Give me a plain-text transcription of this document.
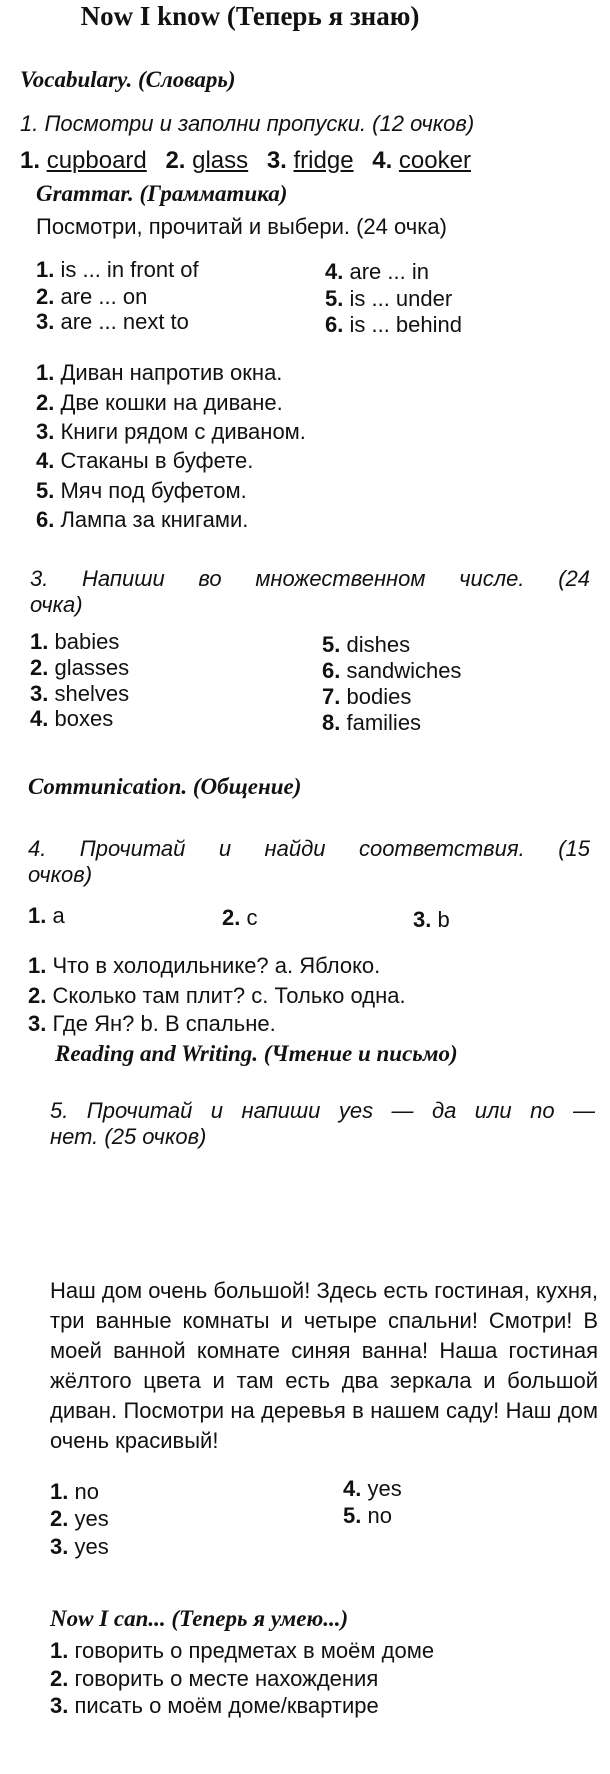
Now I know (Теперь я знаю)
Vocabulary. (Словарь)
1. Посмотри и заполни пропуски. (12 очков)
1. cupboard 2. glass 3. fridge 4. cooker
Grammar. (Грамматика)
Посмотри, прочитай и выбери. (24 очка)
1. is ... in front of
2. are ... on
3. are ... next to
4. are ... in
5. is ... under
6. is ... behind
1. Диван напротив окна.
2. Две кошки на диване.
3. Книги рядом с диваном.
4. Стаканы в буфете.
5. Мяч под буфетом.
6. Лампа за книгами.
3. Напиши во множественном числе. (24
очка)
1. babies
2. glasses
3. shelves
4. boxes
5. dishes
6. sandwiches
7. bodies
8. families
Communication. (Общение)
4. Прочитай и найди соответствия. (15
очков)
1. a	2. c	3. b
1. Что в холодильнике? а. Яблоко.
2. Сколько там плит? с. Только одна.
3. Где Ян? b. В спальне.
Reading and Writing. (Чтение и письмо)
5. Прочитай и напиши yes — да или no —
нет. (25 очков)
Наш дом очень большой! Здесь есть гостиная, кухня, три ванные комнаты и четыре спальни! Смотри! В моей ванной комнате синяя ванна! Наша гостиная жёлтого цвета и там есть два зеркала и большой диван. Посмотри на деревья в нашем саду! Наш дом очень красивый!
1. no
2. yes
3. yes
4. yes
5. no
Now I can... (Теперь я умею...)
1. говорить о предметах в моём доме
2. говорить о месте нахождения
3. писать о моём доме/квартире
